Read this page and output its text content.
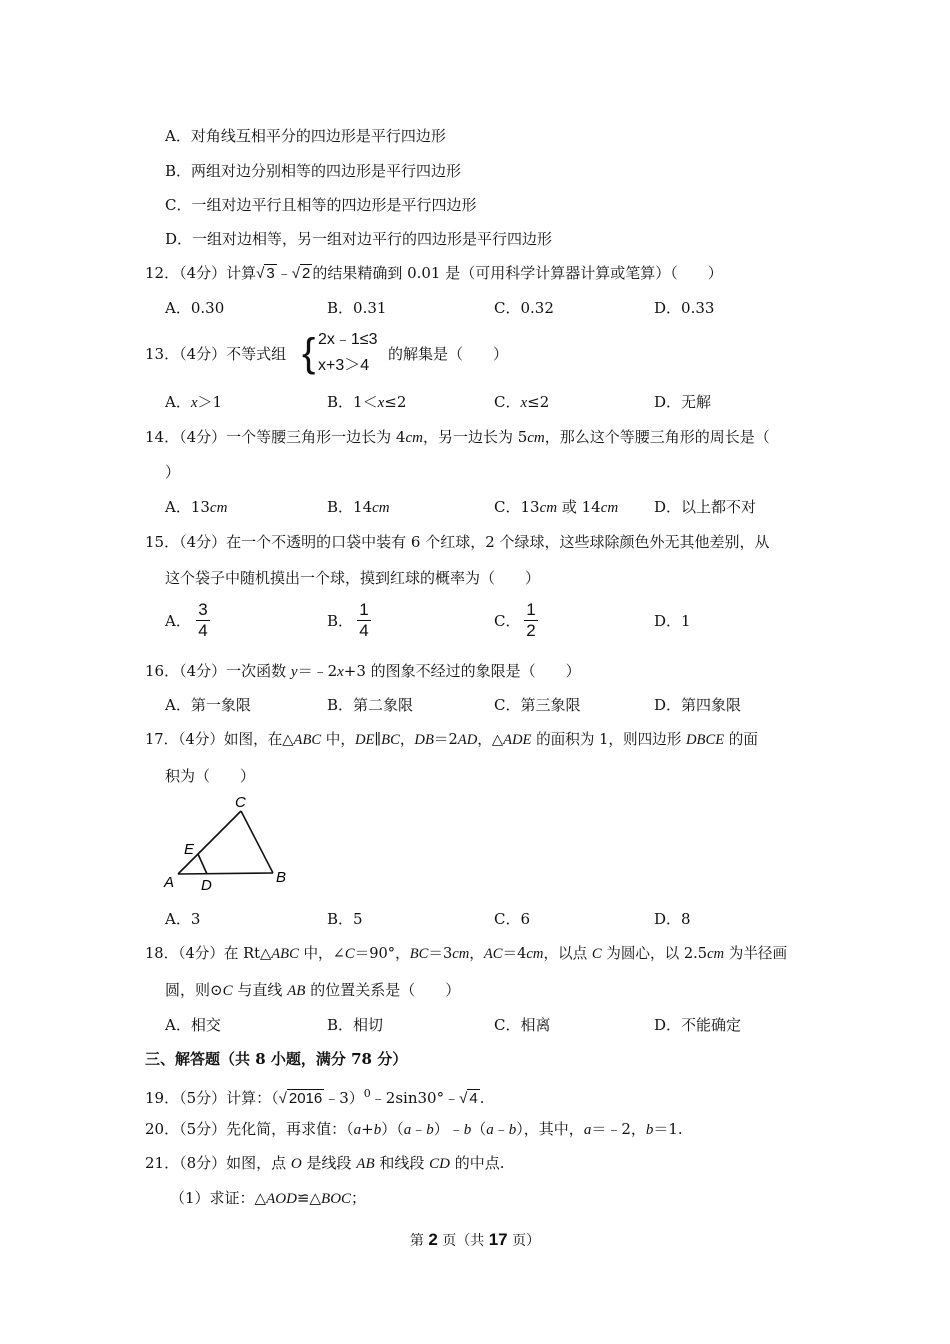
A．对角线互相平分的四边形是平行四边形
B．两组对边分别相等的四边形是平行四边形
C．一组对边平行且相等的四边形是平行四边形
D．一组对边相等，另一组对边平行的四边形是平行四边形
12．（4分）计算√ 3 ﹣√ 2 的结果精确到 0.01 是（可用科学计算器计算或笔算）（　　）
A．0.30	B．0.31	C．0.32	D．0.33
13．（4分）不等式组 { 2x﹣1≤3
x+3＞4
的解集是（　　）
A．x＞1	B．1＜x≤2	C．x≤2	D．无解
14．（4分）一个等腰三角形一边长为 4cm，另一边长为 5cm，那么这个等腰三角形的周长是（
）
A．13cm	B．14cm	C．13cm 或 14cm D．以上都不对
15．（4分）在一个不透明的口袋中装有 6 个红球，2 个绿球，这些球除颜色外无其他差别，从
这个袋子中随机摸出一个球，摸到红球的概率为（　　）
A．
3
4	B．
1
4	C．
1
2	D．1
16．（4分）一次函数 y＝﹣2x+3 的图象不经过的象限是（　　）
A．第一象限	B．第二象限	C．第三象限	D．第四象限
17．（4分）如图，在△ABC 中，DE∥BC，DB＝2AD，△ADE 的面积为 1，则四边形 DBCE 的面
积为（　　）
C
E
A D	B
A．3	B．5	C．6	D．8
18．（4分）在 Rt△ABC 中，∠C＝90°，BC＝3cm，AC＝4cm，以点 C 为圆心，以 2.5cm 为半径画
圆，则⊙C 与直线 AB 的位置关系是（　　）
A．相交	B．相切	C．相离	D．不能确定
三、解答题（共 8 小题，满分 78 分）
19．（5分）计算：（√ 2016 ﹣3）$^0$﹣2sin30°﹣√ 4 .
20．（5分）先化简，再求值：（a+b）（a﹣b）﹣b（a﹣b），其中，a＝﹣2，b＝1.
21．（8分）如图，点 O 是线段 AB 和线段 CD 的中点.
（1）求证：△AOD≌△BOC；
第 2 页（共 17 页）
